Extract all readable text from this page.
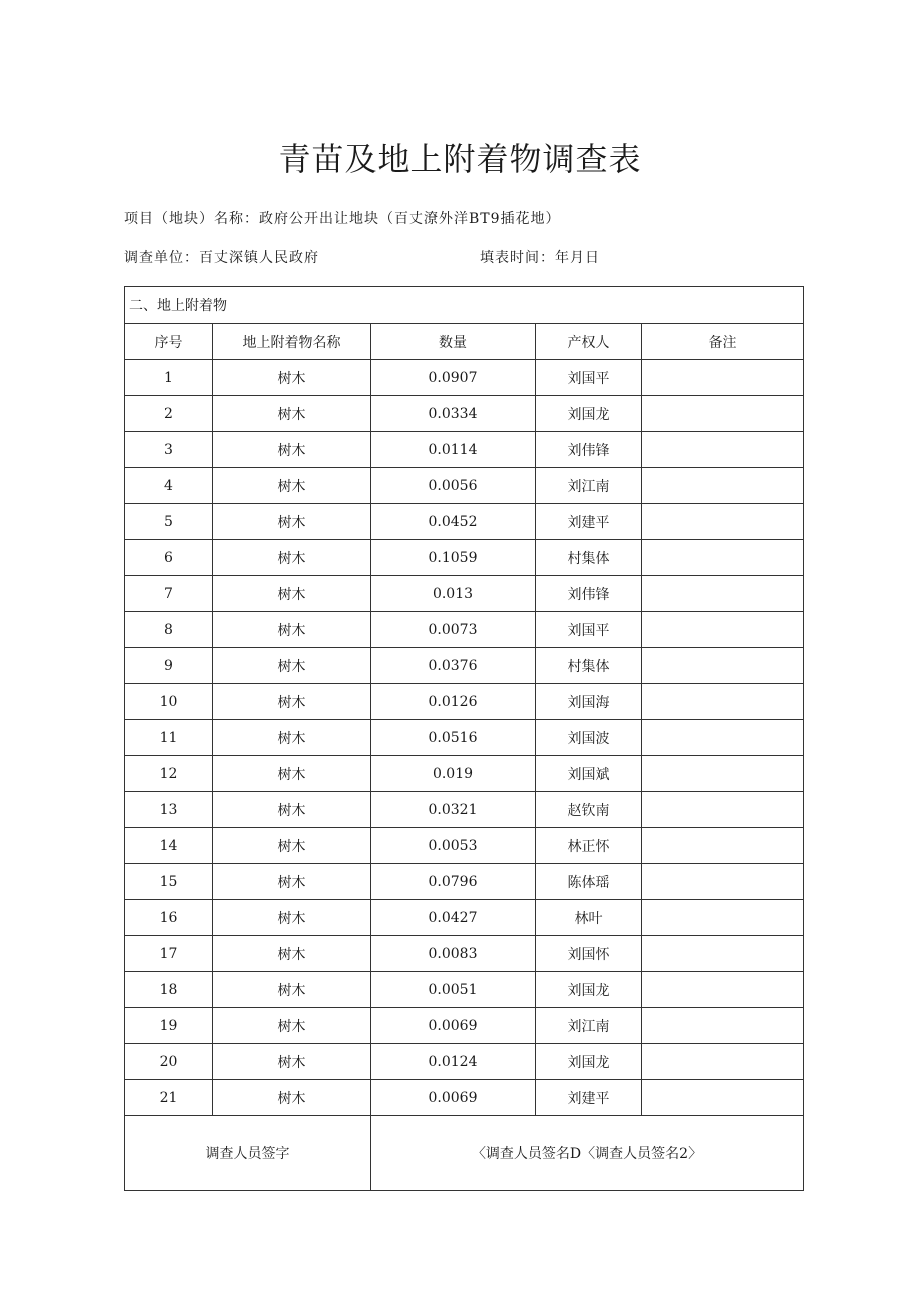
青苗及地上附着物调查表
项目（地块）名称：政府公开出让地块（百丈潦外洋BT9插花地）
调查单位：百丈深镇人民政府	填表时间：年月日
二、地上附着物				
序号	地上附着物名称	数量	产权人	备注
1	树木	0.0907	刘国平	
2	树木	0.0334	刘国龙	
3	树木	0.0114	刘伟锋	
4	树木	0.0056	刘江南	
5	树木	0.0452	刘建平	
6	树木	0.1059	村集体	
7	树木	0.013	刘伟锋	
8	树木	0.0073	刘国平	
9	树木	0.0376	村集体	
10	树木	0.0126	刘国海	
11	树木	0.0516	刘国波	
12	树木	0.019	刘国斌	
13	树木	0.0321	赵钦南	
14	树木	0.0053	林正怀	
15	树木	0.0796	陈体瑶	
16	树木	0.0427	林叶	
17	树木	0.0083	刘国怀	
18	树木	0.0051	刘国龙	
19	树木	0.0069	刘江南	
20	树木	0.0124	刘国龙	
21	树木	0.0069	刘建平	
调查人员签字		〈调查人员签名D〈调查人员签名2〉		
